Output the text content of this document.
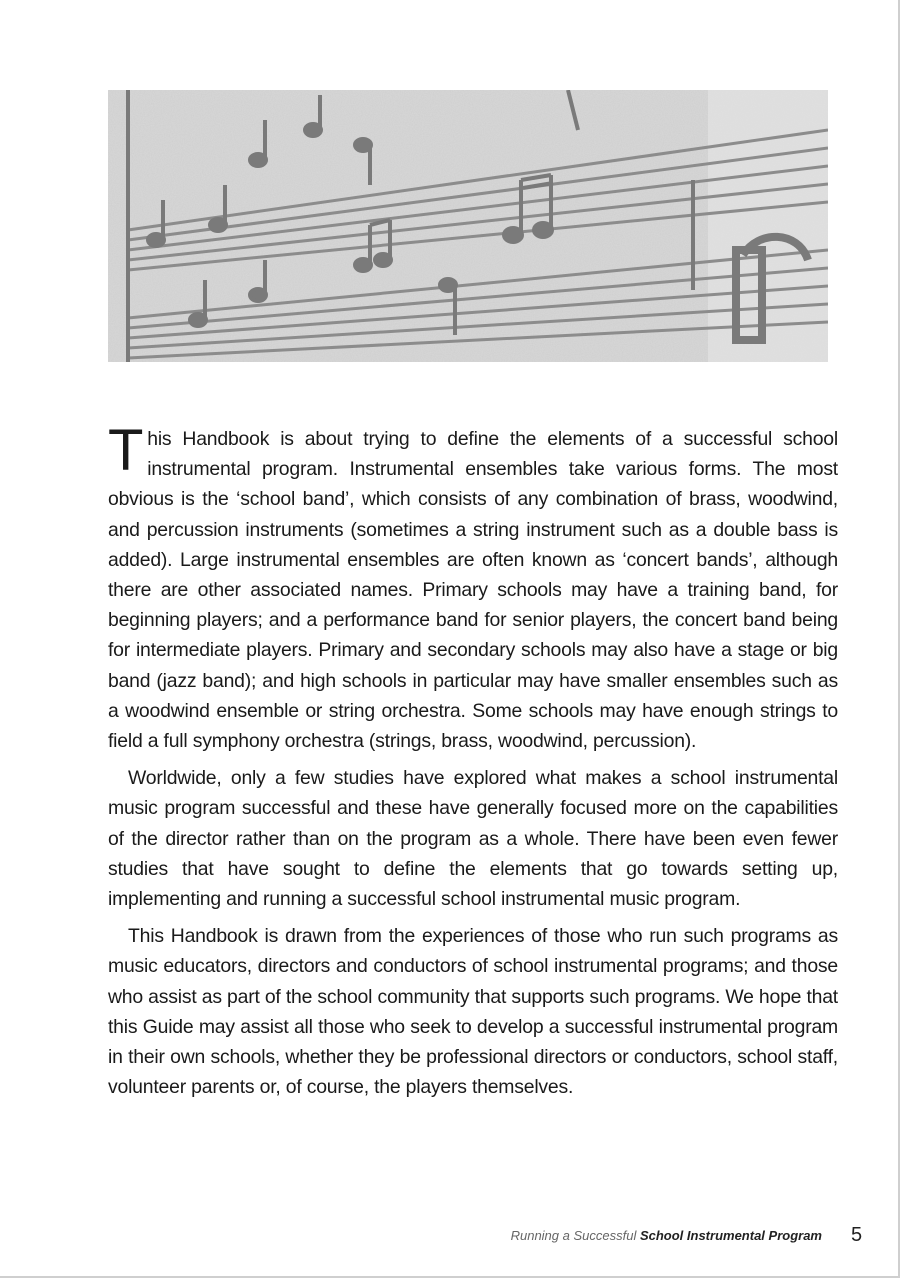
This Handbook is about trying to define the elements of a successful school instrumental program. Instrumental ensembles take various forms. The most obvious is the ‘school band’, which consists of any combination of brass, woodwind, and percussion instruments (sometimes a string instrument such as a double bass is added). Large instrumental ensembles are often known as ‘concert bands’, although there are other associated names. Primary schools may have a training band, for beginning players; and a performance band for senior players, the concert band being for intermediate players. Primary and secondary schools may also have a stage or big band (jazz band); and high schools in particular may have smaller ensembles such as a woodwind ensemble or string orchestra. Some schools may have enough strings to field a full symphony orchestra (strings, brass, woodwind, percussion).

Worldwide, only a few studies have explored what makes a school instrumental music program successful and these have generally focused more on the capabilities of the director rather than on the program as a whole. There have been even fewer studies that have sought to define the elements that go towards setting up, implementing and running a successful school instrumental music program.

This Handbook is drawn from the experiences of those who run such programs as music educators, directors and conductors of school instrumental programs; and those who assist as part of the school community that supports such programs. We hope that this Guide may assist all those who seek to develop a successful instrumental program in their own schools, whether they be professional directors or conductors, school staff, volunteer parents or, of course, the players themselves.

Running a Successful School Instrumental Program 5
